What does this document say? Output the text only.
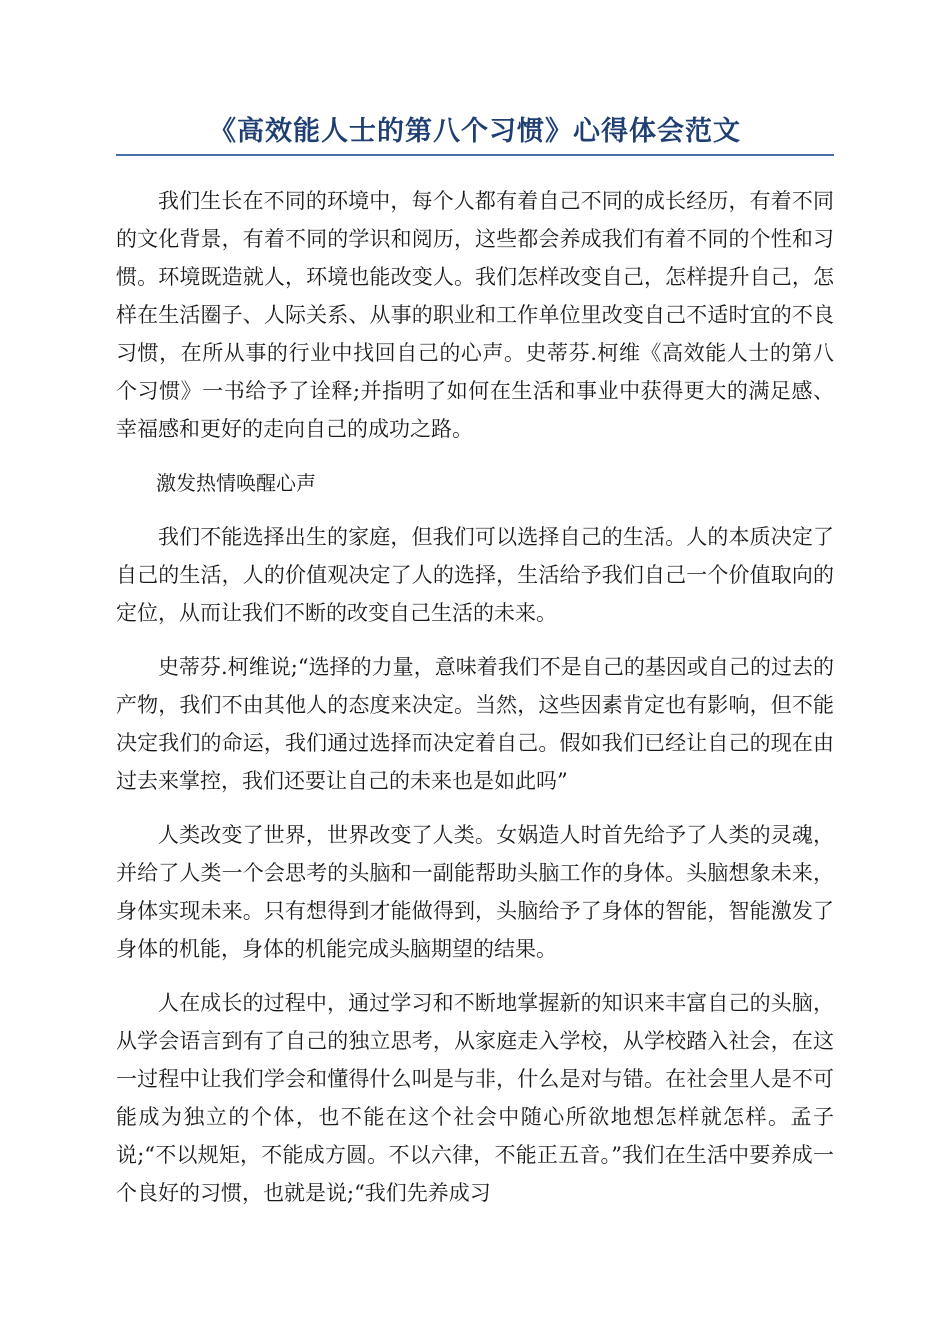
《高效能人士的第八个习惯》心得体会范文

我们生长在不同的环境中，每个人都有着自己不同的成长经历，有着不同的文化背景，有着不同的学识和阅历，这些都会养成我们有着不同的个性和习惯。环境既造就人，环境也能改变人。我们怎样改变自己，怎样提升自己，怎样在生活圈子、人际关系、从事的职业和工作单位里改变自己不适时宜的不良习惯，在所从事的行业中找回自己的心声。史蒂芬.柯维《高效能人士的第八个习惯》一书给予了诠释;并指明了如何在生活和事业中获得更大的满足感、幸福感和更好的走向自己的成功之路。

激发热情唤醒心声

我们不能选择出生的家庭，但我们可以选择自己的生活。人的本质决定了自己的生活，人的价值观决定了人的选择，生活给予我们自己一个价值取向的定位，从而让我们不断的改变自己生活的未来。

史蒂芬.柯维说;“选择的力量，意味着我们不是自己的基因或自己的过去的产物，我们不由其他人的态度来决定。当然，这些因素肯定也有影响，但不能决定我们的命运，我们通过选择而决定着自己。假如我们已经让自己的现在由过去来掌控，我们还要让自己的未来也是如此吗”

人类改变了世界，世界改变了人类。女娲造人时首先给予了人类的灵魂，并给了人类一个会思考的头脑和一副能帮助头脑工作的身体。头脑想象未来，身体实现未来。只有想得到才能做得到，头脑给予了身体的智能，智能激发了身体的机能，身体的机能完成头脑期望的结果。

人在成长的过程中，通过学习和不断地掌握新的知识来丰富自己的头脑，从学会语言到有了自己的独立思考，从家庭走入学校，从学校踏入社会，在这一过程中让我们学会和懂得什么叫是与非，什么是对与错。在社会里人是不可能成为独立的个体，也不能在这个社会中随心所欲地想怎样就怎样。孟子说;“不以规矩，不能成方圆。不以六律，不能正五音。”我们在生活中要养成一个良好的习惯，也就是说;“我们先养成习
